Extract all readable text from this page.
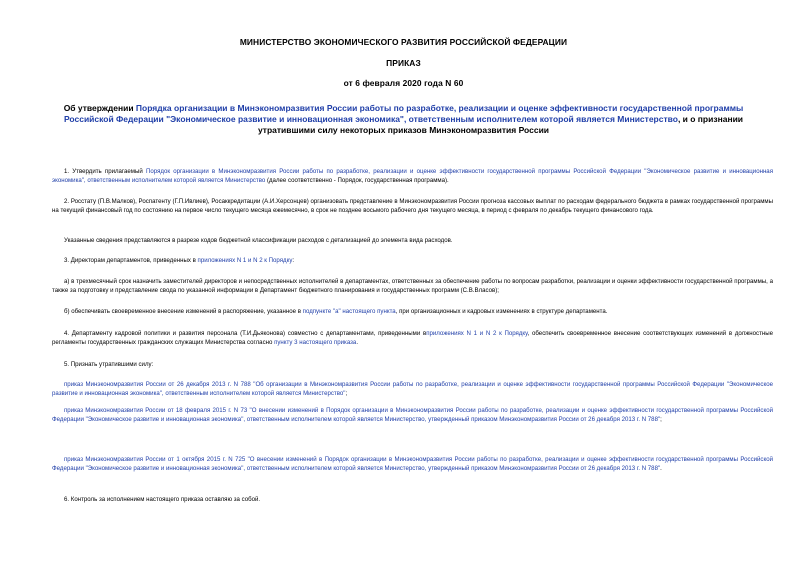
МИНИСТЕРСТВО ЭКОНОМИЧЕСКОГО РАЗВИТИЯ РОССИЙСКОЙ ФЕДЕРАЦИИ
ПРИКАЗ
от 6 февраля 2020 года N 60
Об утверждении Порядка организации в Минэкономразвития России работы по разработке, реализации и оценке эффективности государственной программы Российской Федерации "Экономическое развитие и инновационная экономика", ответственным исполнителем которой является Министерство, и о признании утратившими силу некоторых приказов Минэкономразвития России
1. Утвердить прилагаемый Порядок организации в Минэкономразвития России работы по разработке, реализации и оценке эффективности государственной программы Российской Федерации "Экономическое развитие и инновационная экономика", ответственным исполнителем которой является Министерство (далее соответственно - Порядок, государственная программа).
2. Росстату (П.В.Малков), Роспатенту (Г.П.Ивлиев), Росаккредитации (А.И.Херсонцев) организовать представление в Минэкономразвития России прогноза кассовых выплат по расходам федерального бюджета в рамках государственной программы на текущий финансовый год по состоянию на первое число текущего месяца ежемесячно, в срок не позднее восьмого рабочего дня текущего месяца, в период с февраля по декабрь текущего финансового года.
Указанные сведения представляются в разрезе кодов бюджетной классификации расходов с детализацией до элемента вида расходов.
3. Директорам департаментов, приведенных в приложениях N 1 и N 2 к Порядку:
а) в трехмесячный срок назначить заместителей директоров и непосредственных исполнителей в департаментах, ответственных за обеспечение работы по вопросам разработки, реализации и оценки эффективности государственной программы, а также за подготовку и представление свода по указанной информации в Департамент бюджетного планирования и государственных программ (С.В.Власов);
б) обеспечивать своевременное внесение изменений в распоряжение, указанное в подпункте "а" настоящего пункта, при организационных и кадровых изменениях в структуре департамента.
4. Департаменту кадровой политики и развития персонала (Т.И.Дьяконова) совместно с департаментами, приведенными вприложениях N 1 и N 2 к Порядку, обеспечить своевременное внесение соответствующих изменений в должностные регламенты государственных гражданских служащих Министерства согласно пункту 3 настоящего приказа.
5. Признать утратившими силу:
приказ Минэкономразвития России от 26 декабря 2013 г. N 788 "Об организации в Минэкономразвития России работы по разработке, реализации и оценке эффективности государственной программы Российской Федерации "Экономическое развитие и инновационная экономика", ответственным исполнителем которой является Министерство";
приказ Минэкономразвития России от 18 февраля 2015 г. N 73 "О внесении изменений в Порядок организации в Минэкономразвития России работы по разработке, реализации и оценке эффективности государственной программы Российской Федерации "Экономическое развитие и инновационная экономика", ответственным исполнителем которой является Министерство, утвержденный приказом Минэкономразвития России от 26 декабря 2013 г. N 788";
приказ Минэкономразвития России от 1 октября 2015 г. N 725 "О внесении изменений в Порядок организации в Минэкономразвития России работы по разработке, реализации и оценке эффективности государственной программы Российской Федерации "Экономическое развитие и инновационная экономика", ответственным исполнителем которой является Министерство, утвержденный приказом Минэкономразвития России от 26 декабря 2013 г. N 788".
6. Контроль за исполнением настоящего приказа оставляю за собой.
